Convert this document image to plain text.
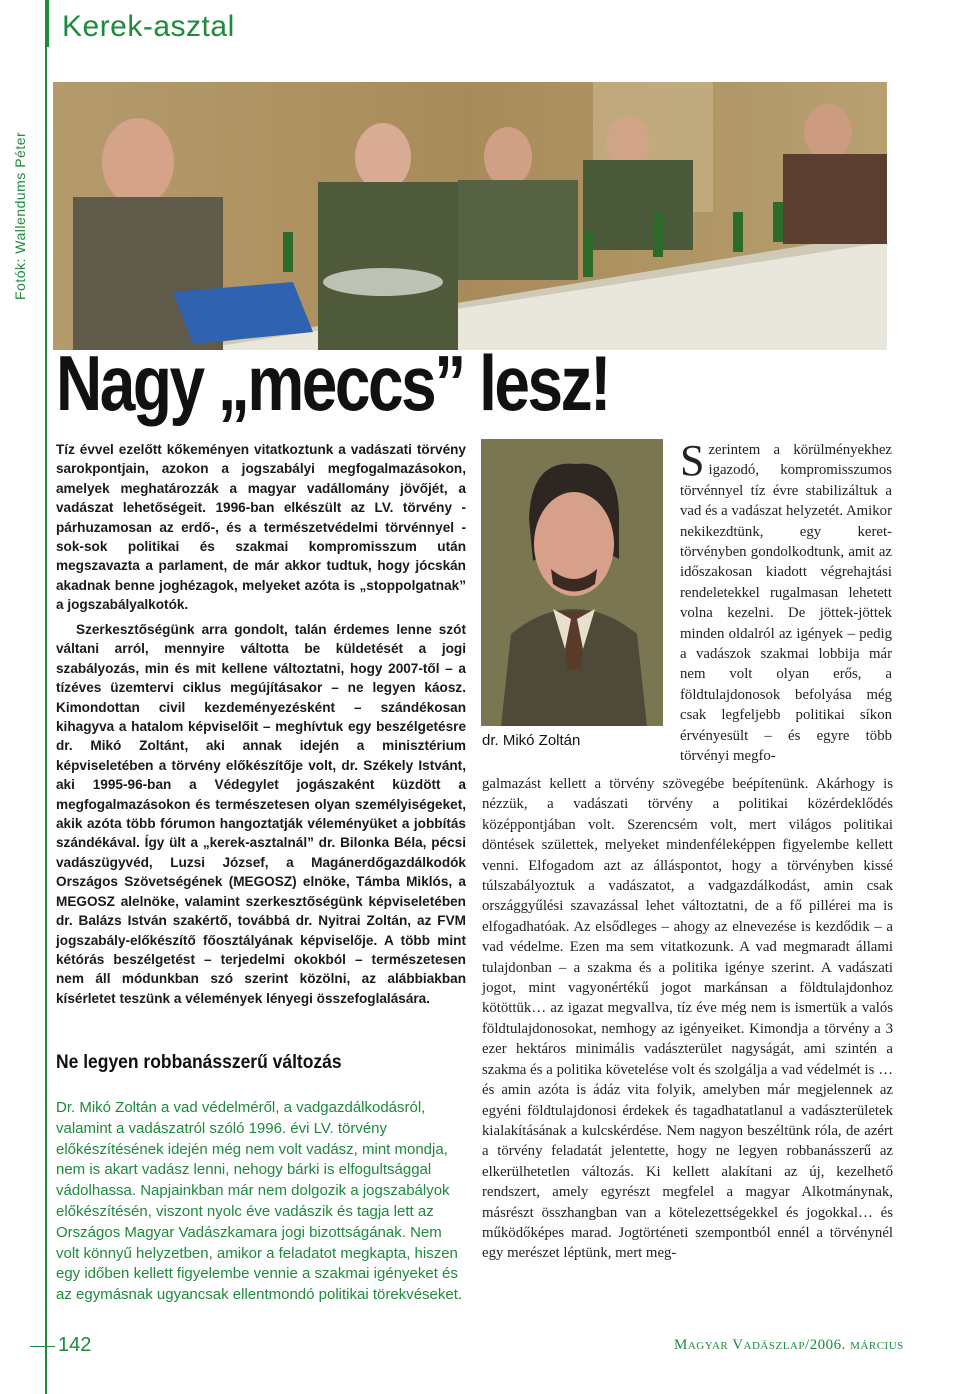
Kerek-asztal
Fotók: Wallendums Péter
Nagy „meccs” lesz!
Tíz évvel ezelőtt kőkeményen vitatkoztunk a vadászati törvény sarokpontjain, azokon a jogszabályi megfogalmazásokon, amelyek meghatározzák a magyar vadállomány jövőjét, a vadászat lehetőségeit. 1996-ban elkészült az LV. törvény - párhuzamosan az erdő-, és a természetvédelmi törvénnyel - sok-sok politikai és szakmai kompromisszum után megszavazta a parlament, de már akkor tudtuk, hogy jócskán akadnak benne joghézagok, melyeket azóta is „stoppolgatnak” a jogszabályalkotók.
Szerkesztőségünk arra gondolt, talán érdemes lenne szót váltani arról, mennyire váltotta be küldetését a jogi szabályozás, min és mit kellene változtatni, hogy 2007-től – a tízéves üzemtervi ciklus megújításakor – ne legyen káosz. Kimondottan civil kezdeményezésként – szándékosan kihagyva a hatalom képviselőit – meghívtuk egy beszélgetésre dr. Mikó Zoltánt, aki annak idején a minisztérium képviseletében a törvény előkészítője volt, dr. Székely Istvánt, aki 1995-96-ban a Védegylet jogászaként küzdött a megfogalmazásokon és természetesen olyan személyiségeket, akik azóta több fórumon hangoztatják véleményüket a jobbítás szándékával. Így ült a „kerek-asztalnál” dr. Bilonka Béla, pécsi vadászügyvéd, Luzsi József, a Magánerdőgazdálkodók Országos Szövetségének (MEGOSZ) elnöke, Támba Miklós, a MEGOSZ alelnöke, valamint szerkesztőségünk képviseletében dr. Balázs István szakértő, továbbá dr. Nyitrai Zoltán, az FVM jogszabály-előkészítő főosztályának képviselője. A több mint kétórás beszélgetést – terjedelmi okokból – természetesen nem áll módunkban szó szerint közölni, az alábbiakban kísérletet teszünk a vélemények lényegi összefoglalására.
Ne legyen robbanásszerű változás
Dr. Mikó Zoltán a vad védelméről, a vadgazdálkodásról, valamint a vadászatról szóló 1996. évi LV. törvény előkészítésének idején még nem volt vadász, mint mondja, nem is akart vadász lenni, nehogy bárki is elfogultsággal vádolhassa. Napjainkban már nem dolgozik a jogszabályok előkészítésén, viszont nyolc éve vadászik és tagja lett az Országos Magyar Vadászkamara jogi bizottságának. Nem volt könnyű helyzetben, amikor a feladatot megkapta, hiszen egy időben kellett figyelembe vennie a szakmai igényeket és az egymásnak ugyancsak ellentmondó politikai törekvéseket.
dr. Mikó Zoltán
Szerintem a körülményekhez igazodó, kompromisszumos törvénnyel tíz évre stabilizáltuk a vad és a vadászat helyzetét. Amikor nekikezdtünk, egy keret-törvényben gondolkodtunk, amit az időszakosan kiadott végrehajtási rendeletekkel rugalmasan lehetett volna kezelni. De jöttek-jöttek minden oldalról az igények – pedig a vadászok szakmai lobbija már nem volt olyan erős, a földtulajdonosok befolyása még csak legfeljebb politikai síkon érvényesült – és egyre több törvényi megfo-
galmazást kellett a törvény szövegébe beépítenünk. Akárhogy is nézzük, a vadászati törvény a politikai közérdeklődés középpontjában volt. Szerencsém volt, mert világos politikai döntések születtek, melyeket mindenféleképpen figyelembe kellett venni. Elfogadom azt az álláspontot, hogy a törvényben kissé túlszabályoztuk a vadászatot, a vadgazdálkodást, amin csak országgyűlési szavazással lehet változtatni, de a fő pillérei ma is elfogadhatóak. Az elsődleges – ahogy az elnevezése is kezdődik – a vad védelme. Ezen ma sem vitatkozunk. A vad megmaradt állami tulajdonban – a szakma és a politika igénye szerint. A vadászati jogot, mint vagyonértékű jogot markánsan a földtulajdonhoz kötöttük… az igazat megvallva, tíz éve még nem is ismertük a valós földtulajdonosokat, nemhogy az igényeiket. Kimondja a törvény a 3 ezer hektáros minimális vadászterület nagyságát, ami szintén a szakma és a politika követelése volt és szolgálja a vad védelmét is … és amin azóta is ádáz vita folyik, amelyben már megjelennek az egyéni földtulajdonosi érdekek és tagadhatatlanul a vadászterületek kialakításának a kulcskérdése. Nem nagyon beszéltünk róla, de azért a törvény feladatát jelentette, hogy ne legyen robbanásszerű az elkerülhetetlen változás. Ki kellett alakítani az új, kezelhető rendszert, amely egyrészt megfelel a magyar Alkotmánynak, másrészt összhangban van a kötelezettségekkel és jogokkal… és működőképes marad. Jogtörténeti szempontból ennél a törvénynél egy merészet léptünk, mert meg-
142	Magyar Vadászlap/2006. március
